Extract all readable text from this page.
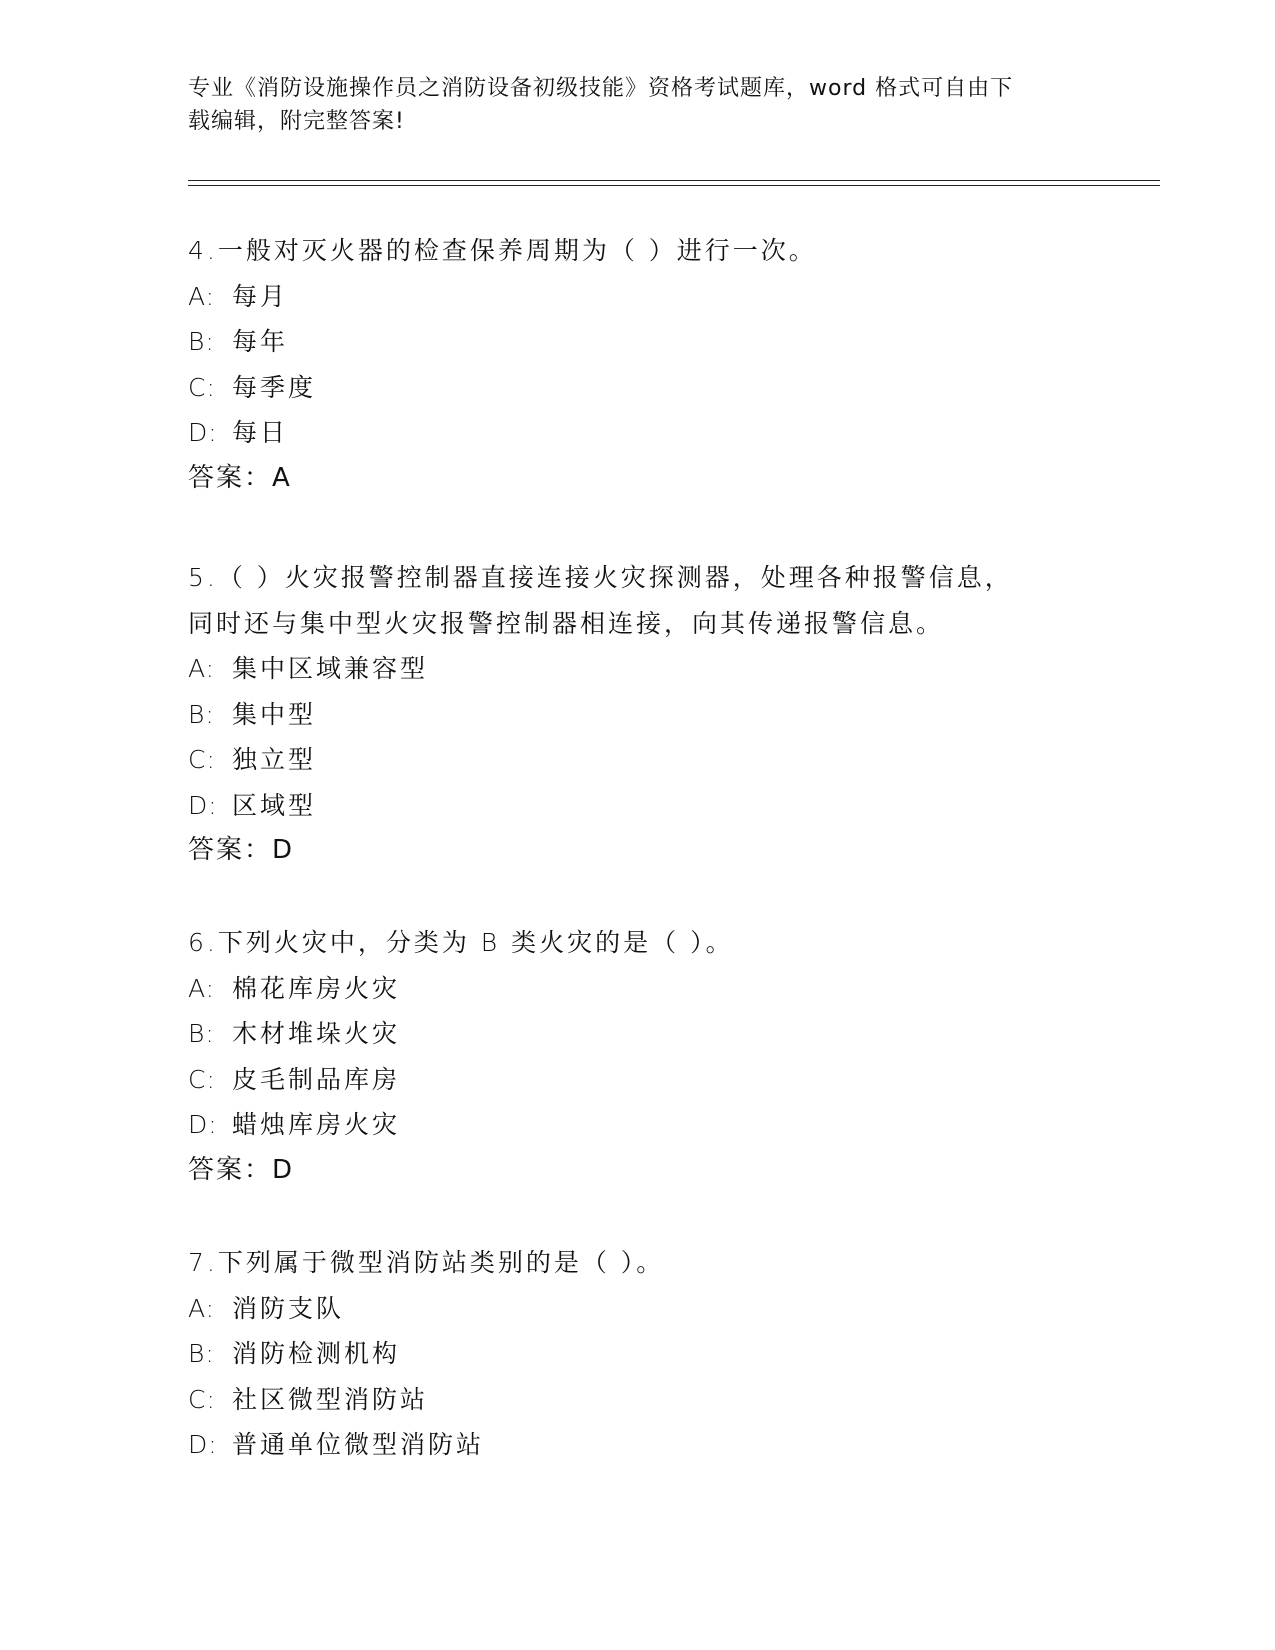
专业《消防设施操作员之消防设备初级技能》资格考试题库，word 格式可自由下
载编辑，附完整答案!
4.一般对灭火器的检查保养周期为（ ）进行一次。
A: 每月
B: 每年
C: 每季度
D: 每日
答案：A
5.（ ）火灾报警控制器直接连接火灾探测器，处理各种报警信息，
同时还与集中型火灾报警控制器相连接，向其传递报警信息。
A: 集中区域兼容型
B: 集中型
C: 独立型
D: 区域型
答案：D
6.下列火灾中，分类为 B 类火灾的是（ ）。
A: 棉花库房火灾
B: 木材堆垛火灾
C: 皮毛制品库房
D: 蜡烛库房火灾
答案：D
7.下列属于微型消防站类别的是（ ）。
A: 消防支队
B: 消防检测机构
C: 社区微型消防站
D: 普通单位微型消防站
